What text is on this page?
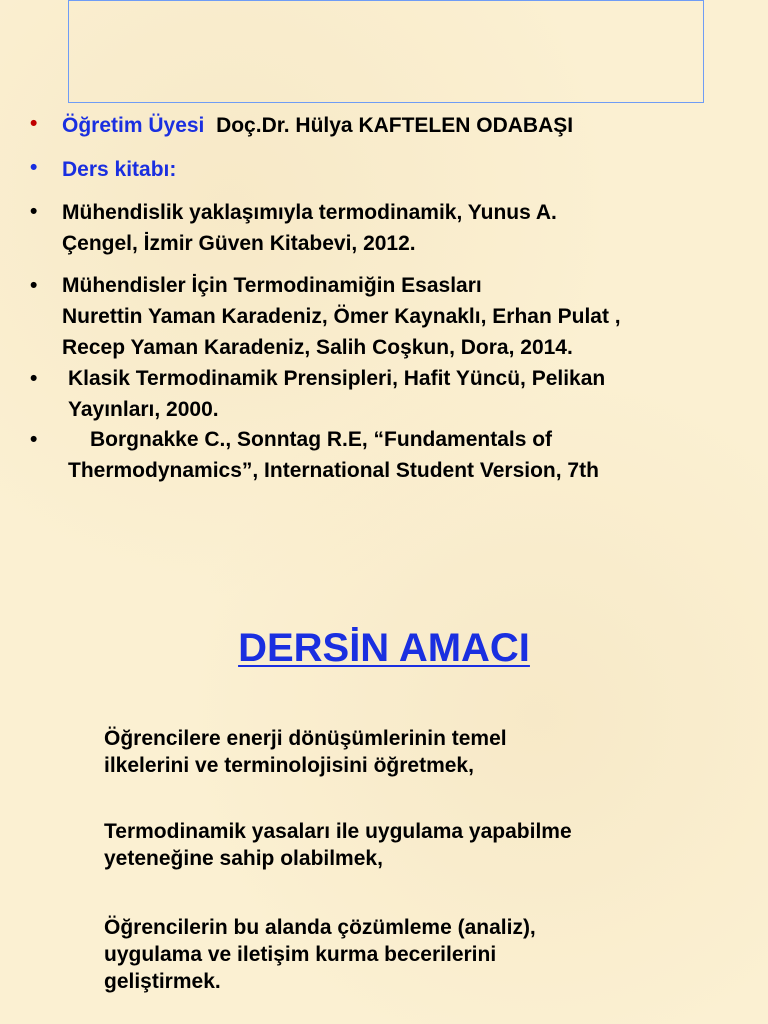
• Öğretim Üyesi Doç.Dr. Hülya KAFTELEN ODABAŞI
• Ders kitabı:
• Mühendislik yaklaşımıyla termodinamik, Yunus A.
Çengel, İzmir Güven Kitabevi, 2012.
• Mühendisler İçin Termodinamiğin Esasları
Nurettin Yaman Karadeniz, Ömer Kaynaklı, Erhan Pulat ,
Recep Yaman Karadeniz, Salih Coşkun, Dora, 2014.
• Klasik Termodinamik Prensipleri, Hafit Yüncü, Pelikan
Yayınları, 2000.
•	Borgnakke C., Sonntag R.E, “Fundamentals of
Thermodynamics”, International Student Version, 7th
DERSİN AMACI
Öğrencilere enerji dönüşümlerinin temel
ilkelerini ve terminolojisini öğretmek,
Termodinamik yasaları ile uygulama yapabilme
yeteneğine sahip olabilmek,
Öğrencilerin bu alanda çözümleme (analiz),
uygulama ve iletişim kurma becerilerini
geliştirmek.
